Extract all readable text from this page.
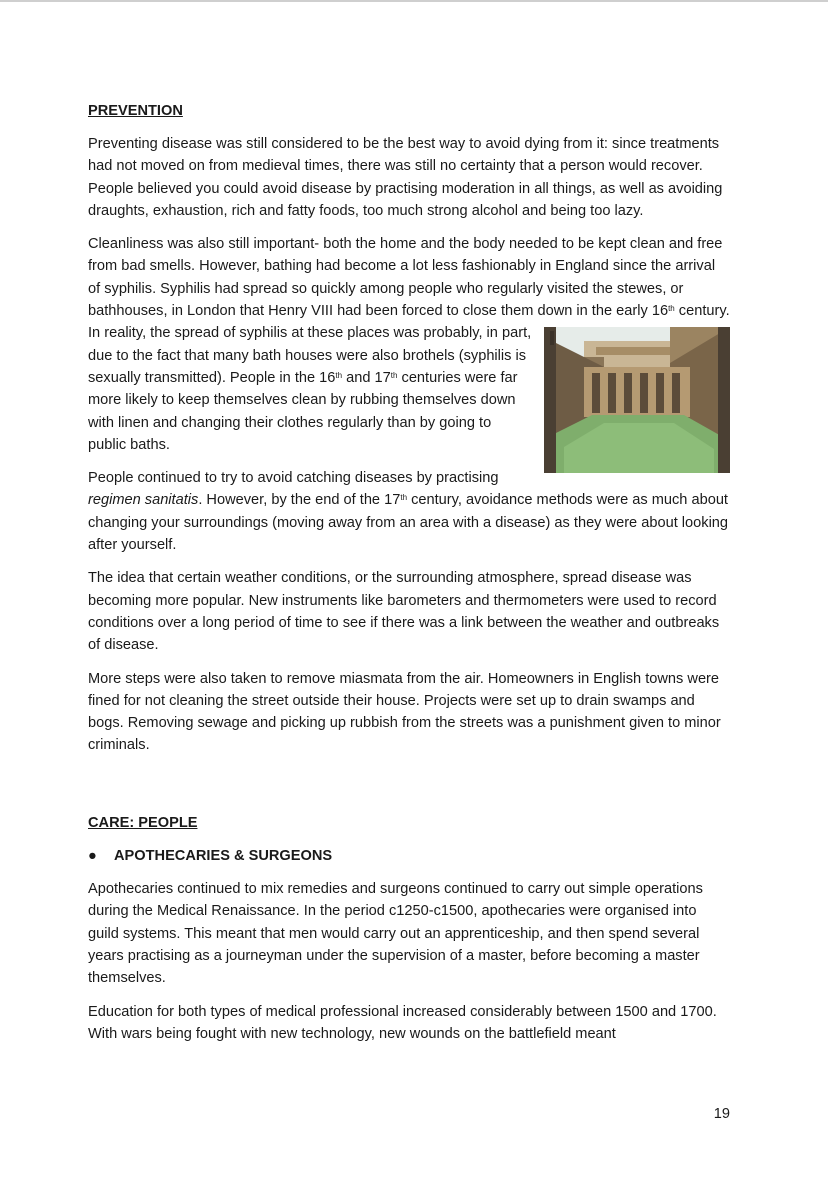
PREVENTION

Preventing disease was still considered to be the best way to avoid dying from it: since treatments had not moved on from medieval times, there was still no certainty that a person would recover. People believed you could avoid disease by practising moderation in all things, as well as avoiding draughts, exhaustion, rich and fatty foods, too much strong alcohol and being too lazy.

Cleanliness was also still important- both the home and the body needed to be kept clean and free from bad smells. However, bathing had become a lot less fashionably in England since the arrival of syphilis. Syphilis had spread so quickly among people who regularly visited the stewes, or bathhouses, in London that Henry VIII had been forced to close them down in the early 16
$^{th}$ century. In reality, the spread of syphilis at these places was probably, in part, due to the fact that many bath houses were also brothels (syphilis is sexually transmitted). People in the 16th and 17th centuries were far more likely to keep themselves clean by rubbing themselves down with linen and changing their clothes regularly than by going to public baths.

People continued to try to avoid catching diseases by practising regimen sanitatis. However, by the end of the 17th century, avoidance methods were as much about changing your surroundings (moving away from an area with a disease) as they were about looking after yourself.

The idea that certain weather conditions, or the surrounding atmosphere, spread disease was becoming more popular. New instruments like barometers and thermometers were used to record conditions over a long period of time to see if there was a link between the weather and outbreaks of disease.

More steps were also taken to remove miasmata from the air. Homeowners in English towns were fined for not cleaning the street outside their house. Projects were set up to drain swamps and bogs. Removing sewage and picking up rubbish from the streets was a punishment given to minor criminals.

CARE: PEOPLE

●	APOTHECARIES & SURGEONS

Apothecaries continued to mix remedies and surgeons continued to carry out simple operations during the Medical Renaissance. In the period c1250-c1500, apothecaries were organised into guild systems. This meant that men would carry out an apprenticeship, and then spend several years practising as a journeyman under the supervision of a master, before becoming a master themselves.

Education for both types of medical professional increased considerably between 1500 and 1700. With wars being fought with new technology, new wounds on the battlefield meant

19
